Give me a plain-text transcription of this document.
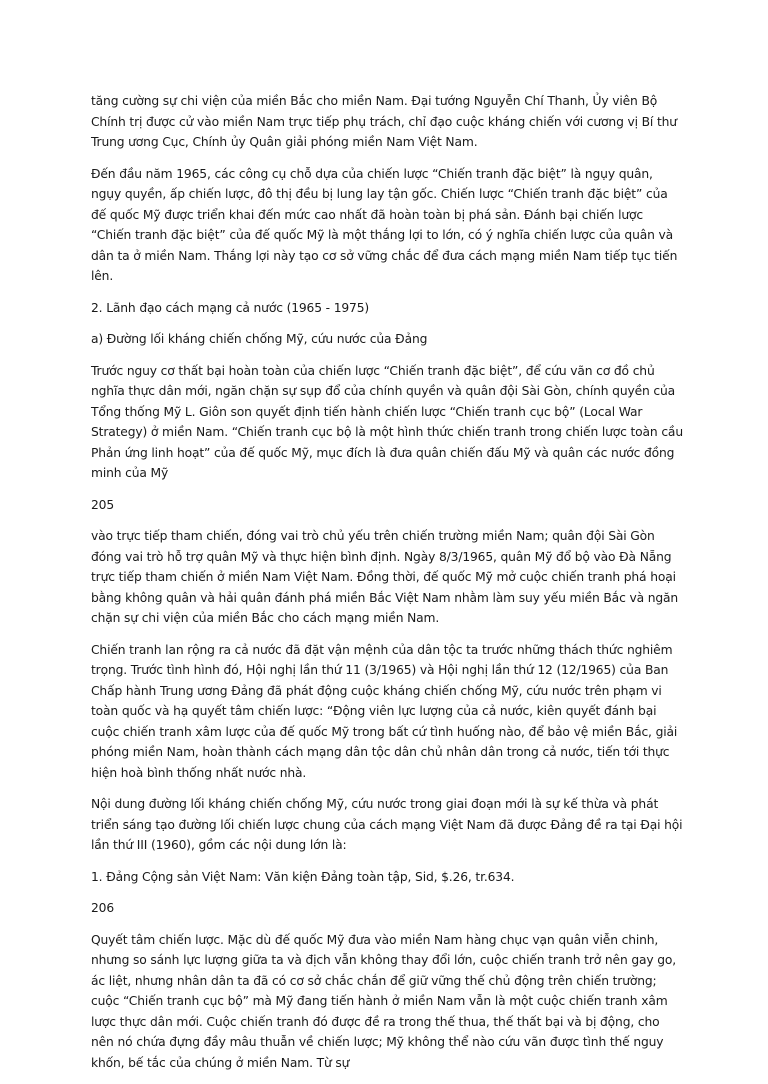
tăng cường sự chi viện của miền Bắc cho miền Nam. Đại tướng Nguyễn Chí Thanh, Ủy viên Bộ Chính trị được cử vào miền Nam trực tiếp phụ trách, chỉ đạo cuộc kháng chiến với cương vị Bí thư Trung ương Cục, Chính ủy Quân giải phóng miền Nam Việt Nam.

Đến đầu năm 1965, các công cụ chỗ dựa của chiến lược “Chiến tranh đặc biệt” là ngụy quân, ngụy quyền, ấp chiến lược, đô thị đều bị lung lay tận gốc. Chiến lược “Chiến tranh đặc biệt” của đế quốc Mỹ được triển khai đến mức cao nhất đã hoàn toàn bị phá sản. Đánh bại chiến lược “Chiến tranh đặc biệt” của đế quốc Mỹ là một thắng lợi to lớn, có ý nghĩa chiến lược của quân và dân ta ở miền Nam. Thắng lợi này tạo cơ sở vững chắc để đưa cách mạng miền Nam tiếp tục tiến lên.

2. Lãnh đạo cách mạng cả nước (1965 - 1975)

a) Đường lối kháng chiến chống Mỹ, cứu nước của Đảng

Trước nguy cơ thất bại hoàn toàn của chiến lược “Chiến tranh đặc biệt”, để cứu vãn cơ đồ chủ nghĩa thực dân mới, ngăn chặn sự sụp đổ của chính quyền và quân đội Sài Gòn, chính quyền của Tổng thống Mỹ L. Giôn son quyết định tiến hành chiến lược “Chiến tranh cục bộ” (Local War Strategy) ở miền Nam. “Chiến tranh cục bộ là một hình thức chiến tranh trong chiến lược toàn cầu Phản ứng linh hoạt” của đế quốc Mỹ, mục đích là đưa quân chiến đấu Mỹ và quân các nước đồng minh của Mỹ

205

vào trực tiếp tham chiến, đóng vai trò chủ yếu trên chiến trường miền Nam; quân đội Sài Gòn đóng vai trò hỗ trợ quân Mỹ và thực hiện bình định. Ngày 8/3/1965, quân Mỹ đổ bộ vào Đà Nẵng trực tiếp tham chiến ở miền Nam Việt Nam. Đồng thời, đế quốc Mỹ mở cuộc chiến tranh phá hoại bằng không quân và hải quân đánh phá miền Bắc Việt Nam nhằm làm suy yếu miền Bắc và ngăn chặn sự chi viện của miền Bắc cho cách mạng miền Nam.

Chiến tranh lan rộng ra cả nước đã đặt vận mệnh của dân tộc ta trước những thách thức nghiêm trọng. Trước tình hình đó, Hội nghị lần thứ 11 (3/1965) và Hội nghị lần thứ 12 (12/1965) của Ban Chấp hành Trung ương Đảng đã phát động cuộc kháng chiến chống Mỹ, cứu nước trên phạm vi toàn quốc và hạ quyết tâm chiến lược: “Động viên lực lượng của cả nước, kiên quyết đánh bại cuộc chiến tranh xâm lược của đế quốc Mỹ trong bất cứ tình huống nào, để bảo vệ miền Bắc, giải phóng miền Nam, hoàn thành cách mạng dân tộc dân chủ nhân dân trong cả nước, tiến tới thực hiện hoà bình thống nhất nước nhà.

Nội dung đường lối kháng chiến chống Mỹ, cứu nước trong giai đoạn mới là sự kế thừa và phát triển sáng tạo đường lối chiến lược chung của cách mạng Việt Nam đã được Đảng đề ra tại Đại hội lần thứ III (1960), gồm các nội dung lớn là:

1. Đảng Cộng sản Việt Nam: Văn kiện Đảng toàn tập, Sid, $.26, tr.634.

206

Quyết tâm chiến lược. Mặc dù đế quốc Mỹ đưa vào miền Nam hàng chục vạn quân viễn chinh, nhưng so sánh lực lượng giữa ta và địch vẫn không thay đổi lớn, cuộc chiến tranh trở nên gay go, ác liệt, nhưng nhân dân ta đã có cơ sở chắc chắn để giữ vững thế chủ động trên chiến trường; cuộc “Chiến tranh cục bộ” mà Mỹ đang tiến hành ở miền Nam vẫn là một cuộc chiến tranh xâm lược thực dân mới. Cuộc chiến tranh đó được đề ra trong thế thua, thế thất bại và bị động, cho nên nó chứa đựng đầy mâu thuẫn về chiến lược; Mỹ không thể nào cứu vãn được tình thế nguy khốn, bế tắc của chúng ở miền Nam. Từ sự
